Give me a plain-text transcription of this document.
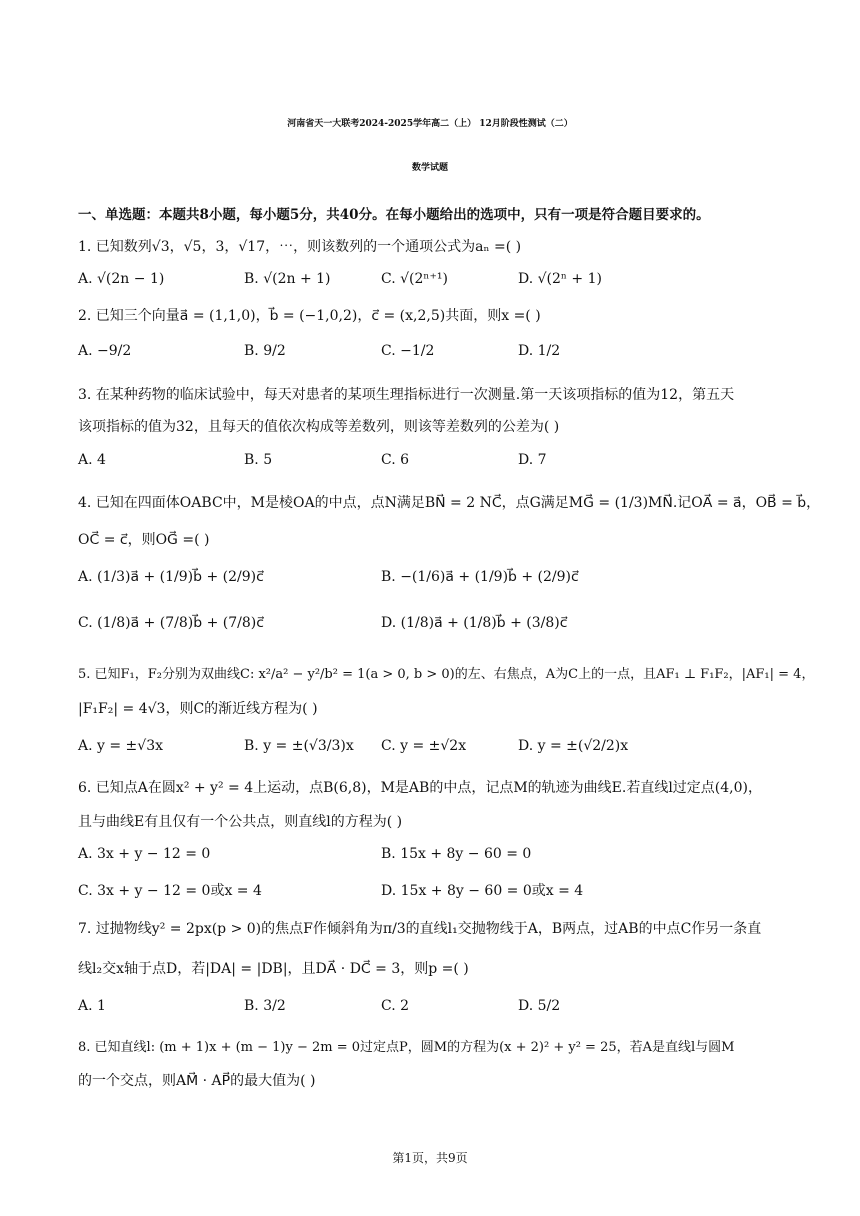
河南省天一大联考2024-2025学年高二（上） 12月阶段性测试（二）
数学试题
一、单选题：本题共8小题，每小题5分，共40分。在每小题给出的选项中，只有一项是符合题目要求的。
1. 已知数列√3，√5，3，√17，⋯，则该数列的一个通项公式为aₙ =( )
A. √(2n − 1)	B. √(2n + 1)	C. √(2ⁿ⁺¹)	D. √(2ⁿ + 1)
2. 已知三个向量a⃗ = (1,1,0)，b⃗ = (−1,0,2)，c⃗ = (x,2,5)共面，则x =( )
A. −9/2	B. 9/2	C. −1/2	D. 1/2
3. 在某种药物的临床试验中，每天对患者的某项生理指标进行一次测量.第一天该项指标的值为12，第五天
该项指标的值为32，且每天的值依次构成等差数列，则该等差数列的公差为( )
A. 4	B. 5	C. 6	D. 7
4. 已知在四面体OABC中，M是棱OA的中点，点N满足BN⃗ = 2 NC⃗，点G满足MG⃗ = (1/3)MN⃗.记OA⃗ = a⃗，OB⃗ = b⃗，
OC⃗ = c⃗，则OG⃗ =( )
A. (1/3)a⃗ + (1/9)b⃗ + (2/9)c⃗	B. −(1/6)a⃗ + (1/9)b⃗ + (2/9)c⃗
C. (1/8)a⃗ + (7/8)b⃗ + (7/8)c⃗	D. (1/8)a⃗ + (1/8)b⃗ + (3/8)c⃗
5. 已知F₁，F₂分别为双曲线C: x²/a² − y²/b² = 1(a > 0, b > 0)的左、右焦点，A为C上的一点，且AF₁ ⊥ F₁F₂，|AF₁| = 4，
|F₁F₂| = 4√3，则C的渐近线方程为( )
A. y = ±√3x	B. y = ±(√3/3)x C. y = ±√2x	D. y = ±(√2/2)x
6. 已知点A在圆x² + y² = 4上运动，点B(6,8)，M是AB的中点，记点M的轨迹为曲线E.若直线l过定点(4,0)，
且与曲线E有且仅有一个公共点，则直线l的方程为( )
A. 3x + y − 12 = 0	B. 15x + 8y − 60 = 0
C. 3x + y − 12 = 0或x = 4	D. 15x + 8y − 60 = 0或x = 4
7. 过抛物线y² = 2px(p > 0)的焦点F作倾斜角为π/3的直线l₁交抛物线于A，B两点，过AB的中点C作另一条直
线l₂交x轴于点D，若|DA| = |DB|，且DA⃗ · DC⃗ = 3，则p =( )
A. 1	B. 3/2	C. 2	D. 5/2
8. 已知直线l: (m + 1)x + (m − 1)y − 2m = 0过定点P，圆M的方程为(x + 2)² + y² = 25，若A是直线l与圆M
的一个交点，则AM⃗ · AP⃗的最大值为( )
第1页，共9页
